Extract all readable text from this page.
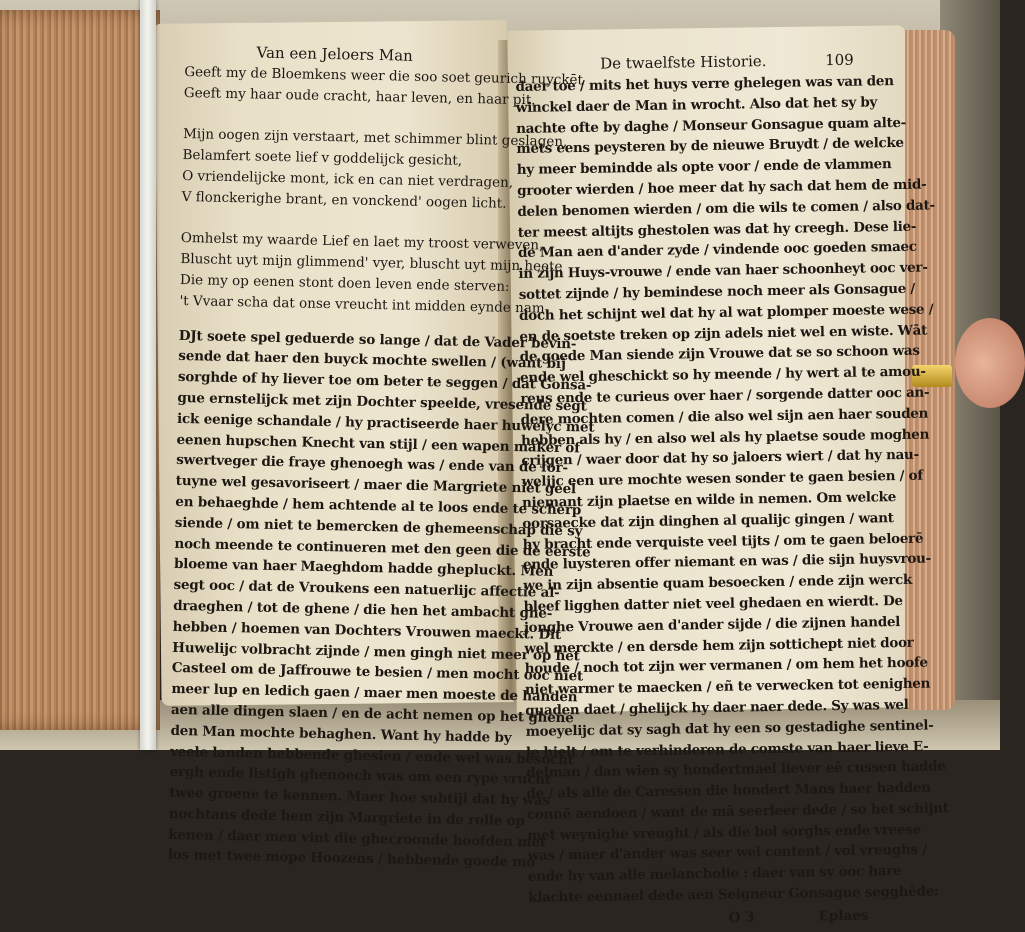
Van een Jeloers Man
Geeft my de Bloemkens weer die soo soet geurich ruyckēt
Geeft my haar oude cracht, haar leven, en haar pit.

Mijn oogen zijn verstaart, met schimmer blint geslagen,
Belamfert soete lief v goddelijck gesicht,
O vriendelijcke mont, ick en can niet verdragen,
V flonckerighe brant, en vonckend' oogen licht.

Omhelst my waarde Lief en laet my troost verweven,
Bluscht uyt mijn glimmend' vyer, bluscht uyt mijn heete
Die my op eenen stont doen leven ende sterven:
't Vvaar scha dat onse vreucht int midden eynde nam.
DJt soete spel geduerde so lange / dat de Vader bevin-
sende dat haer den buyck mochte swellen / (want bĳ
sorghde of hy liever toe om beter te seggen / dat Gonsa-
gue ernstelijck met zijn Dochter speelde, vresende segt
ick eenige schandale / hy practiseerde haer huwelyc met
eenen hupschen Knecht van stijl / een wapen maker of
swertveger die fraye ghenoegh was / ende van de for-
tuyne wel gesavoriseert / maer die Margriete niet geel
en behaeghde / hem achtende al te loos ende te scherp
siende / om niet te bemercken de ghemeenschap die sy
noch meende te continueren met den geen die de eerste
bloeme van haer Maeghdom hadde ghepluckt. Men
segt ooc / dat de Vroukens een natuerlijc affectie al-
draeghen / tot de ghene / die hen het ambacht ghe-
hebben / hoemen van Dochters Vrouwen maeckt. Dit
Huwelijc volbracht zijnde / men gingh niet meer op het
Casteel om de Jaffrouwe te besien / men mocht ooc niet
meer lup en ledich gaen / maer men moeste de handen
aen alle dingen slaen / en de acht nemen op het ghene
den Man mochte behaghen. Want hy hadde by
veele landen hebbende ghesien / ende wel was besocht
ergh ende listigh ghenoech was om een rype vrucht
twee groene te kennen. Maer hoe subtijl dat hy was
nochtans dede hem zijn Margriete in de rolle op
kenen / daer men vint die ghecroonde hoofden met
los met twee mope Hoozens / hebbende goede mo
De twaelfste Historie.	109
daer toe / mits het huys verre ghelegen was van den
winckel daer de Man in wrocht. Also dat het sy by
nachte ofte by daghe / Monseur Gonsague quam alte-
mets eens peysteren by de nieuwe Bruydt / de welcke
hy meer bemindde als opte voor / ende de vlammen
grooter wierden / hoe meer dat hy sach dat hem de mid-
delen benomen wierden / om die wils te comen / also dat-
ter meest altijts ghestolen was dat hy creegh. Dese lie-
de Man aen d'ander zyde / vindende ooc goeden smaec
in zijn Huys-vrouwe / ende van haer schoonheyt ooc ver-
sottet zijnde / hy bemindese noch meer als Gonsague /
doch het schijnt wel dat hy al wat plomper moeste wese /
en de soetste treken op zijn adels niet wel en wiste. Wāt
de goede Man siende zijn Vrouwe dat se so schoon was
ende wel gheschickt so hy meende / hy wert al te amou-
reus ende te curieus over haer / sorgende datter ooc an-
dere mochten comen / die also wel sijn aen haer souden
hebben als hy / en also wel als hy plaetse soude moghen
crijgen / waer door dat hy so jaloers wiert / dat hy nau-
welijc een ure mochte wesen sonder te gaen besien / of
niemant zijn plaetse en wilde in nemen. Om welcke
oorsaecke dat zijn dinghen al qualijc gingen / want
hy bracht ende verquiste veel tijts / om te gaen beloerē
ende luysteren offer niemant en was / die sijn huysvrou-
we in zijn absentie quam besoecken / ende zijn werck
bleef ligghen datter niet veel ghedaen en wierdt. De
jonghe Vrouwe aen d'ander sijde / die zijnen handel
wel merckte / en dersde hem zijn sottichept niet door
houde / noch tot zijn wer vermanen / om hem het hoofe
niet warmer te maecken / eñ te verwecken tot eenighen
quaden daet / ghelijck hy daer naer dede. Sy was wel
moeyelijc dat sy sagh dat hy een so gestadighe sentinel-
le hielt / om te verhinderen de comste van haer lieve E-
delman / dan wien sy hondertmael liever eē cussen hadde
de / als alle de Caressen die hondert Mans haer hadden
connē aendoen / want de mā seerleer dede / so het schijnt
met weynighe vreught / als die bol sorghs ende vreese
was / maer d'ander was seer wel content / vol vreughs /
ende hy van alle melancholie : daer van sy ooc hare
klachte eennael dede aen Seigneur Gonsague segghēde:
O 3	Eplaes
